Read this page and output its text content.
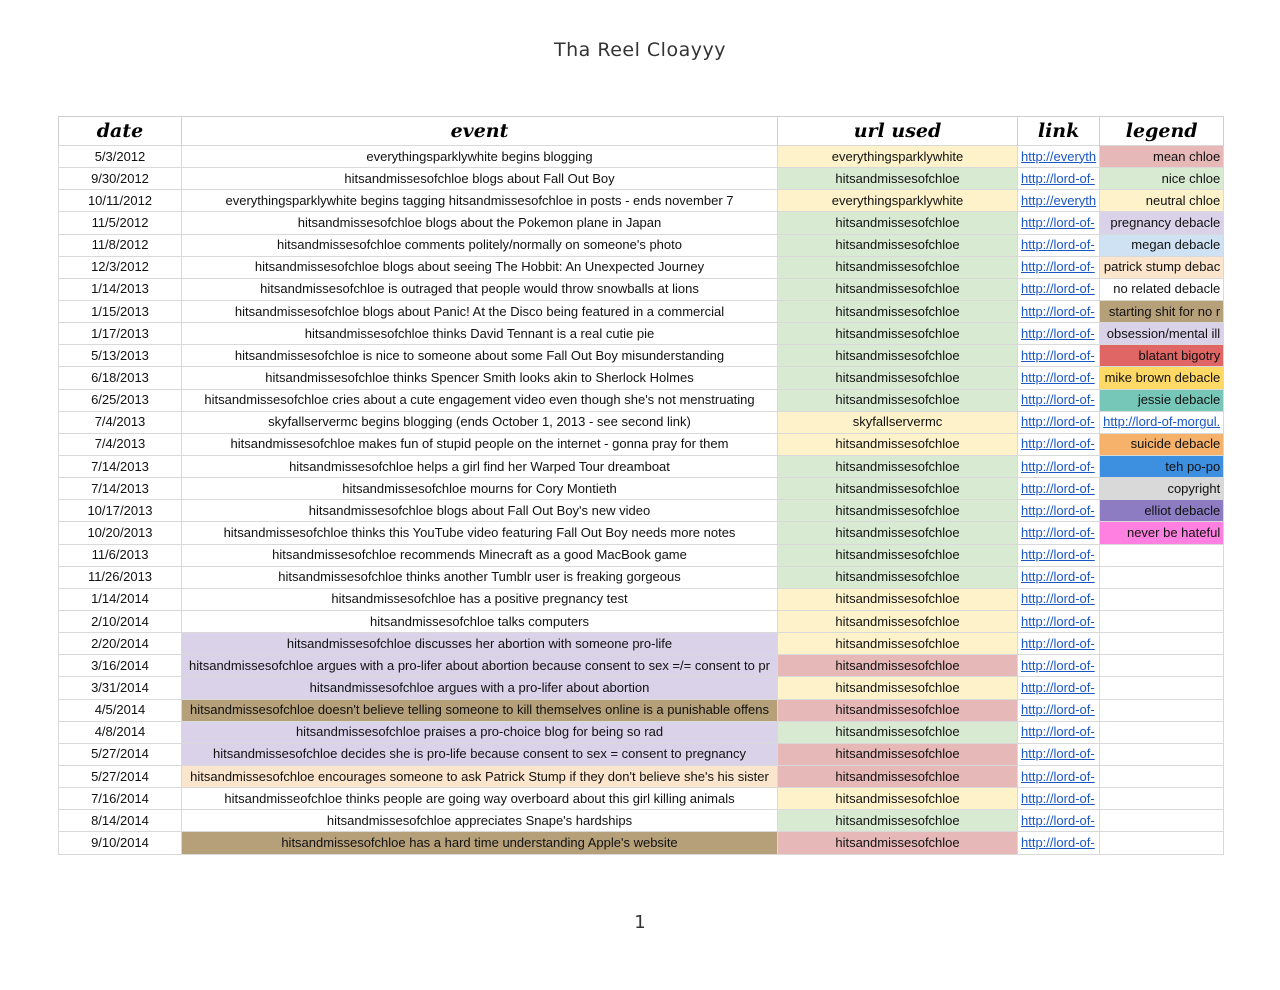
Tha Reel Cloayyy
date	event	url used	link	legend
5/3/2012	everythingsparklywhite begins blogging	everythingsparklywhite	http://everyth	mean chloe
9/30/2012	hitsandmissesofchloe blogs about Fall Out Boy	hitsandmissesofchloe	http://lord-of-	nice chloe
10/11/2012	everythingsparklywhite begins tagging hitsandmissesofchloe in posts - ends november 7	everythingsparklywhite	http://everyth	neutral chloe
11/5/2012	hitsandmissesofchloe blogs about the Pokemon plane in Japan	hitsandmissesofchloe	http://lord-of-	pregnancy debacle
11/8/2012	hitsandmissesofchloe comments politely/normally on someone's photo	hitsandmissesofchloe	http://lord-of-	megan debacle
12/3/2012	hitsandmissesofchloe blogs about seeing The Hobbit: An Unexpected Journey	hitsandmissesofchloe	http://lord-of-	patrick stump debac
1/14/2013	hitsandmissesofchloe is outraged that people would throw snowballs at lions	hitsandmissesofchloe	http://lord-of-	no related debacle
1/15/2013	hitsandmissesofchloe blogs about Panic! At the Disco being featured in a commercial	hitsandmissesofchloe	http://lord-of-	starting shit for no r
1/17/2013	hitsandmissesofchloe thinks David Tennant is a real cutie pie	hitsandmissesofchloe	http://lord-of-	obsession/mental ill
5/13/2013	hitsandmissesofchloe is nice to someone about some Fall Out Boy misunderstanding	hitsandmissesofchloe	http://lord-of-	blatant bigotry
6/18/2013	hitsandmissesofchloe thinks Spencer Smith looks akin to Sherlock Holmes	hitsandmissesofchloe	http://lord-of-	mike brown debacle
6/25/2013	hitsandmissesofchloe cries about a cute engagement video even though she's not menstruating	hitsandmissesofchloe	http://lord-of-	jessie debacle
7/4/2013	skyfallservermc begins blogging (ends October 1, 2013 - see second link)	skyfallservermc	http://lord-of-	http://lord-of-morgul.
7/4/2013	hitsandmissesofchloe makes fun of stupid people on the internet - gonna pray for them	hitsandmissesofchloe	http://lord-of-	suicide debacle
7/14/2013	hitsandmissesofchloe helps a girl find her Warped Tour dreamboat	hitsandmissesofchloe	http://lord-of-	teh po-po
7/14/2013	hitsandmissesofchloe mourns for Cory Montieth	hitsandmissesofchloe	http://lord-of-	copyright
10/17/2013	hitsandmissesofchloe blogs about Fall Out Boy's new video	hitsandmissesofchloe	http://lord-of-	elliot debacle
10/20/2013	hitsandmissesofchloe thinks this YouTube video featuring Fall Out Boy needs more notes	hitsandmissesofchloe	http://lord-of-	never be hateful
11/6/2013	hitsandmissesofchloe recommends Minecraft as a good MacBook game	hitsandmissesofchloe	http://lord-of-	
11/26/2013	hitsandmissesofchloe thinks another Tumblr user is freaking gorgeous	hitsandmissesofchloe	http://lord-of-	
1/14/2014	hitsandmissesofchloe has a positive pregnancy test	hitsandmissesofchloe	http://lord-of-	
2/10/2014	hitsandmissesofchloe talks computers	hitsandmissesofchloe	http://lord-of-	
2/20/2014	hitsandmissesofchloe discusses her abortion with someone pro-life	hitsandmissesofchloe	http://lord-of-	
3/16/2014	hitsandmissesofchloe argues with a pro-lifer about abortion because consent to sex =/= consent to pr	hitsandmissesofchloe	http://lord-of-	
3/31/2014	hitsandmissesofchloe argues with a pro-lifer about abortion	hitsandmissesofchloe	http://lord-of-	
4/5/2014	hitsandmissesofchloe doesn't believe telling someone to kill themselves online is a punishable offens	hitsandmissesofchloe	http://lord-of-	
4/8/2014	hitsandmissesofchloe praises a pro-choice blog for being so rad	hitsandmissesofchloe	http://lord-of-	
5/27/2014	hitsandmissesofchloe decides she is pro-life because consent to sex = consent to pregnancy	hitsandmissesofchloe	http://lord-of-	
5/27/2014	hitsandmissesofchloe encourages someone to ask Patrick Stump if they don't believe she's his sister	hitsandmissesofchloe	http://lord-of-	
7/16/2014	hitsandmisseofchloe thinks people are going way overboard about this girl killing animals	hitsandmissesofchloe	http://lord-of-	
8/14/2014	hitsandmissesofchloe appreciates Snape's hardships	hitsandmissesofchloe	http://lord-of-	
9/10/2014	hitsandmissesofchloe has a hard time understanding Apple's website	hitsandmissesofchloe	http://lord-of-	
1
